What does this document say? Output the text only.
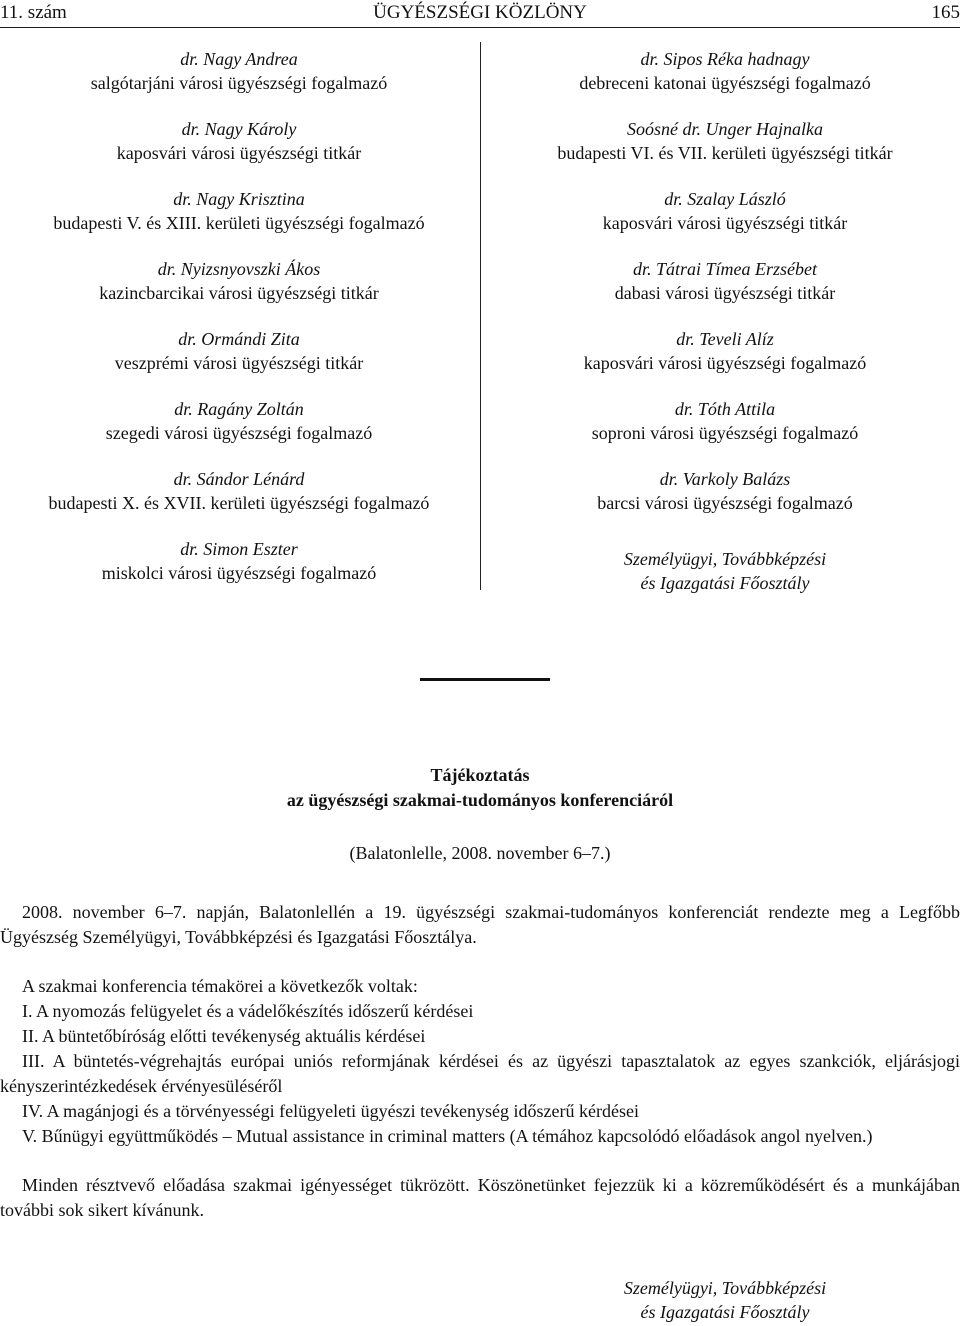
ÜGYÉSZSÉGI KÖZLÖNY
11. szám	165
dr. Nagy Andrea
salgótarjáni városi ügyészségi fogalmazó
dr. Nagy Károly
kaposvári városi ügyészségi titkár
dr. Nagy Krisztina
budapesti V. és XIII. kerületi ügyészségi fogalmazó
dr. Nyizsnyovszki Ákos
kazincbarcikai városi ügyészségi titkár
dr. Ormándi Zita
veszprémi városi ügyészségi titkár
dr. Ragány Zoltán
szegedi városi ügyészségi fogalmazó
dr. Sándor Lénárd
budapesti X. és XVII. kerületi ügyészségi fogalmazó
dr. Simon Eszter
miskolci városi ügyészségi fogalmazó
dr. Sipos Réka hadnagy
debreceni katonai ügyészségi fogalmazó
Soósné dr. Unger Hajnalka
budapesti VI. és VII. kerületi ügyészségi titkár
dr. Szalay László
kaposvári városi ügyészségi titkár
dr. Tátrai Tímea Erzsébet
dabasi városi ügyészségi titkár
dr. Teveli Alíz
kaposvári városi ügyészségi fogalmazó
dr. Tóth Attila
soproni városi ügyészségi fogalmazó
dr. Varkoly Balázs
barcsi városi ügyészségi fogalmazó
Személyügyi, Továbbképzési
és Igazgatási Főosztály
Tájékoztatás
az ügyészségi szakmai-tudományos konferenciáról
(Balatonlelle, 2008. november 6–7.)

2008. november 6–7. napján, Balatonlellén a 19. ügyészségi szakmai-tudományos konferenciát rendezte meg a Legfőbb Ügyészség Személyügyi, Továbbképzési és Igazgatási Főosztálya.

A szakmai konferencia témakörei a következők voltak:

I. A nyomozás felügyelet és a vádelőkészítés időszerű kérdései

II. A büntetőbíróság előtti tevékenység aktuális kérdései

III. A büntetés-végrehajtás európai uniós reformjának kérdései és az ügyészi tapasztalatok az egyes szankciók, eljárásjogi kényszerintézkedések érvényesüléséről

IV. A magánjogi és a törvényességi felügyeleti ügyészi tevékenység időszerű kérdései

V. Bűnügyi együttműködés – Mutual assistance in criminal matters (A témához kapcsolódó előadások angol nyelven.)

Minden résztvevő előadása szakmai igényességet tükrözött. Köszönetünket fejezzük ki a közreműködésért és a munkájában további sok sikert kívánunk.

Személyügyi, Továbbképzési
és Igazgatási Főosztály
